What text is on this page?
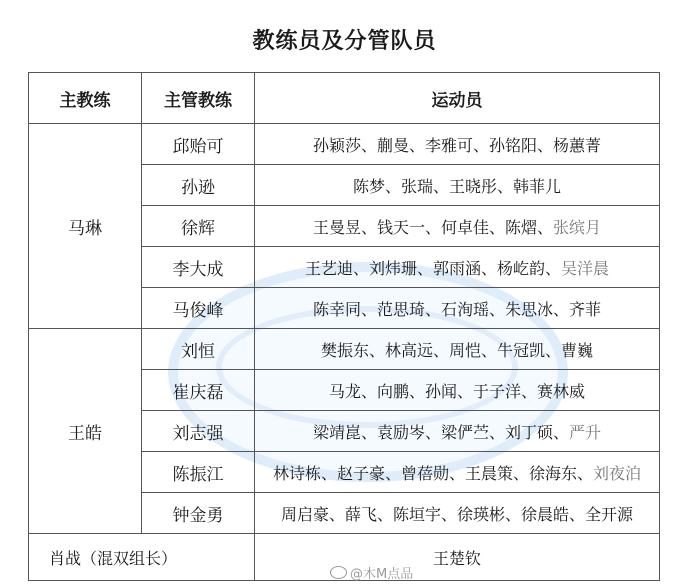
教练员及分管队员
主教练	主管教练	运动员
马琳	邱贻可	孙颖莎、蒯曼、李雅可、孙铭阳、杨蕙菁
	孙逊	陈梦、张瑞、王晓彤、韩菲儿
	徐辉	王曼昱、钱天一、何卓佳、陈熠、张缤月
	李大成	王艺迪、刘炜珊、郭雨涵、杨屹韵、吴洋晨
	马俊峰	陈幸同、范思琦、石洵瑶、朱思冰、齐菲
王皓	刘恒	樊振东、林高远、周恺、牛冠凯、曹巍
	崔庆磊	马龙、向鹏、孙闻、于子洋、赛林威
	刘志强	梁靖崑、袁励岑、梁俨苎、刘丁硕、严升
	陈振江	林诗栋、赵子豪、曾蓓勋、王晨策、徐海东、刘夜泊
	钟金勇	周启豪、薛飞、陈垣宇、徐瑛彬、徐晨皓、全开源
肖战（混双组长）		王楚钦
@木M点品
